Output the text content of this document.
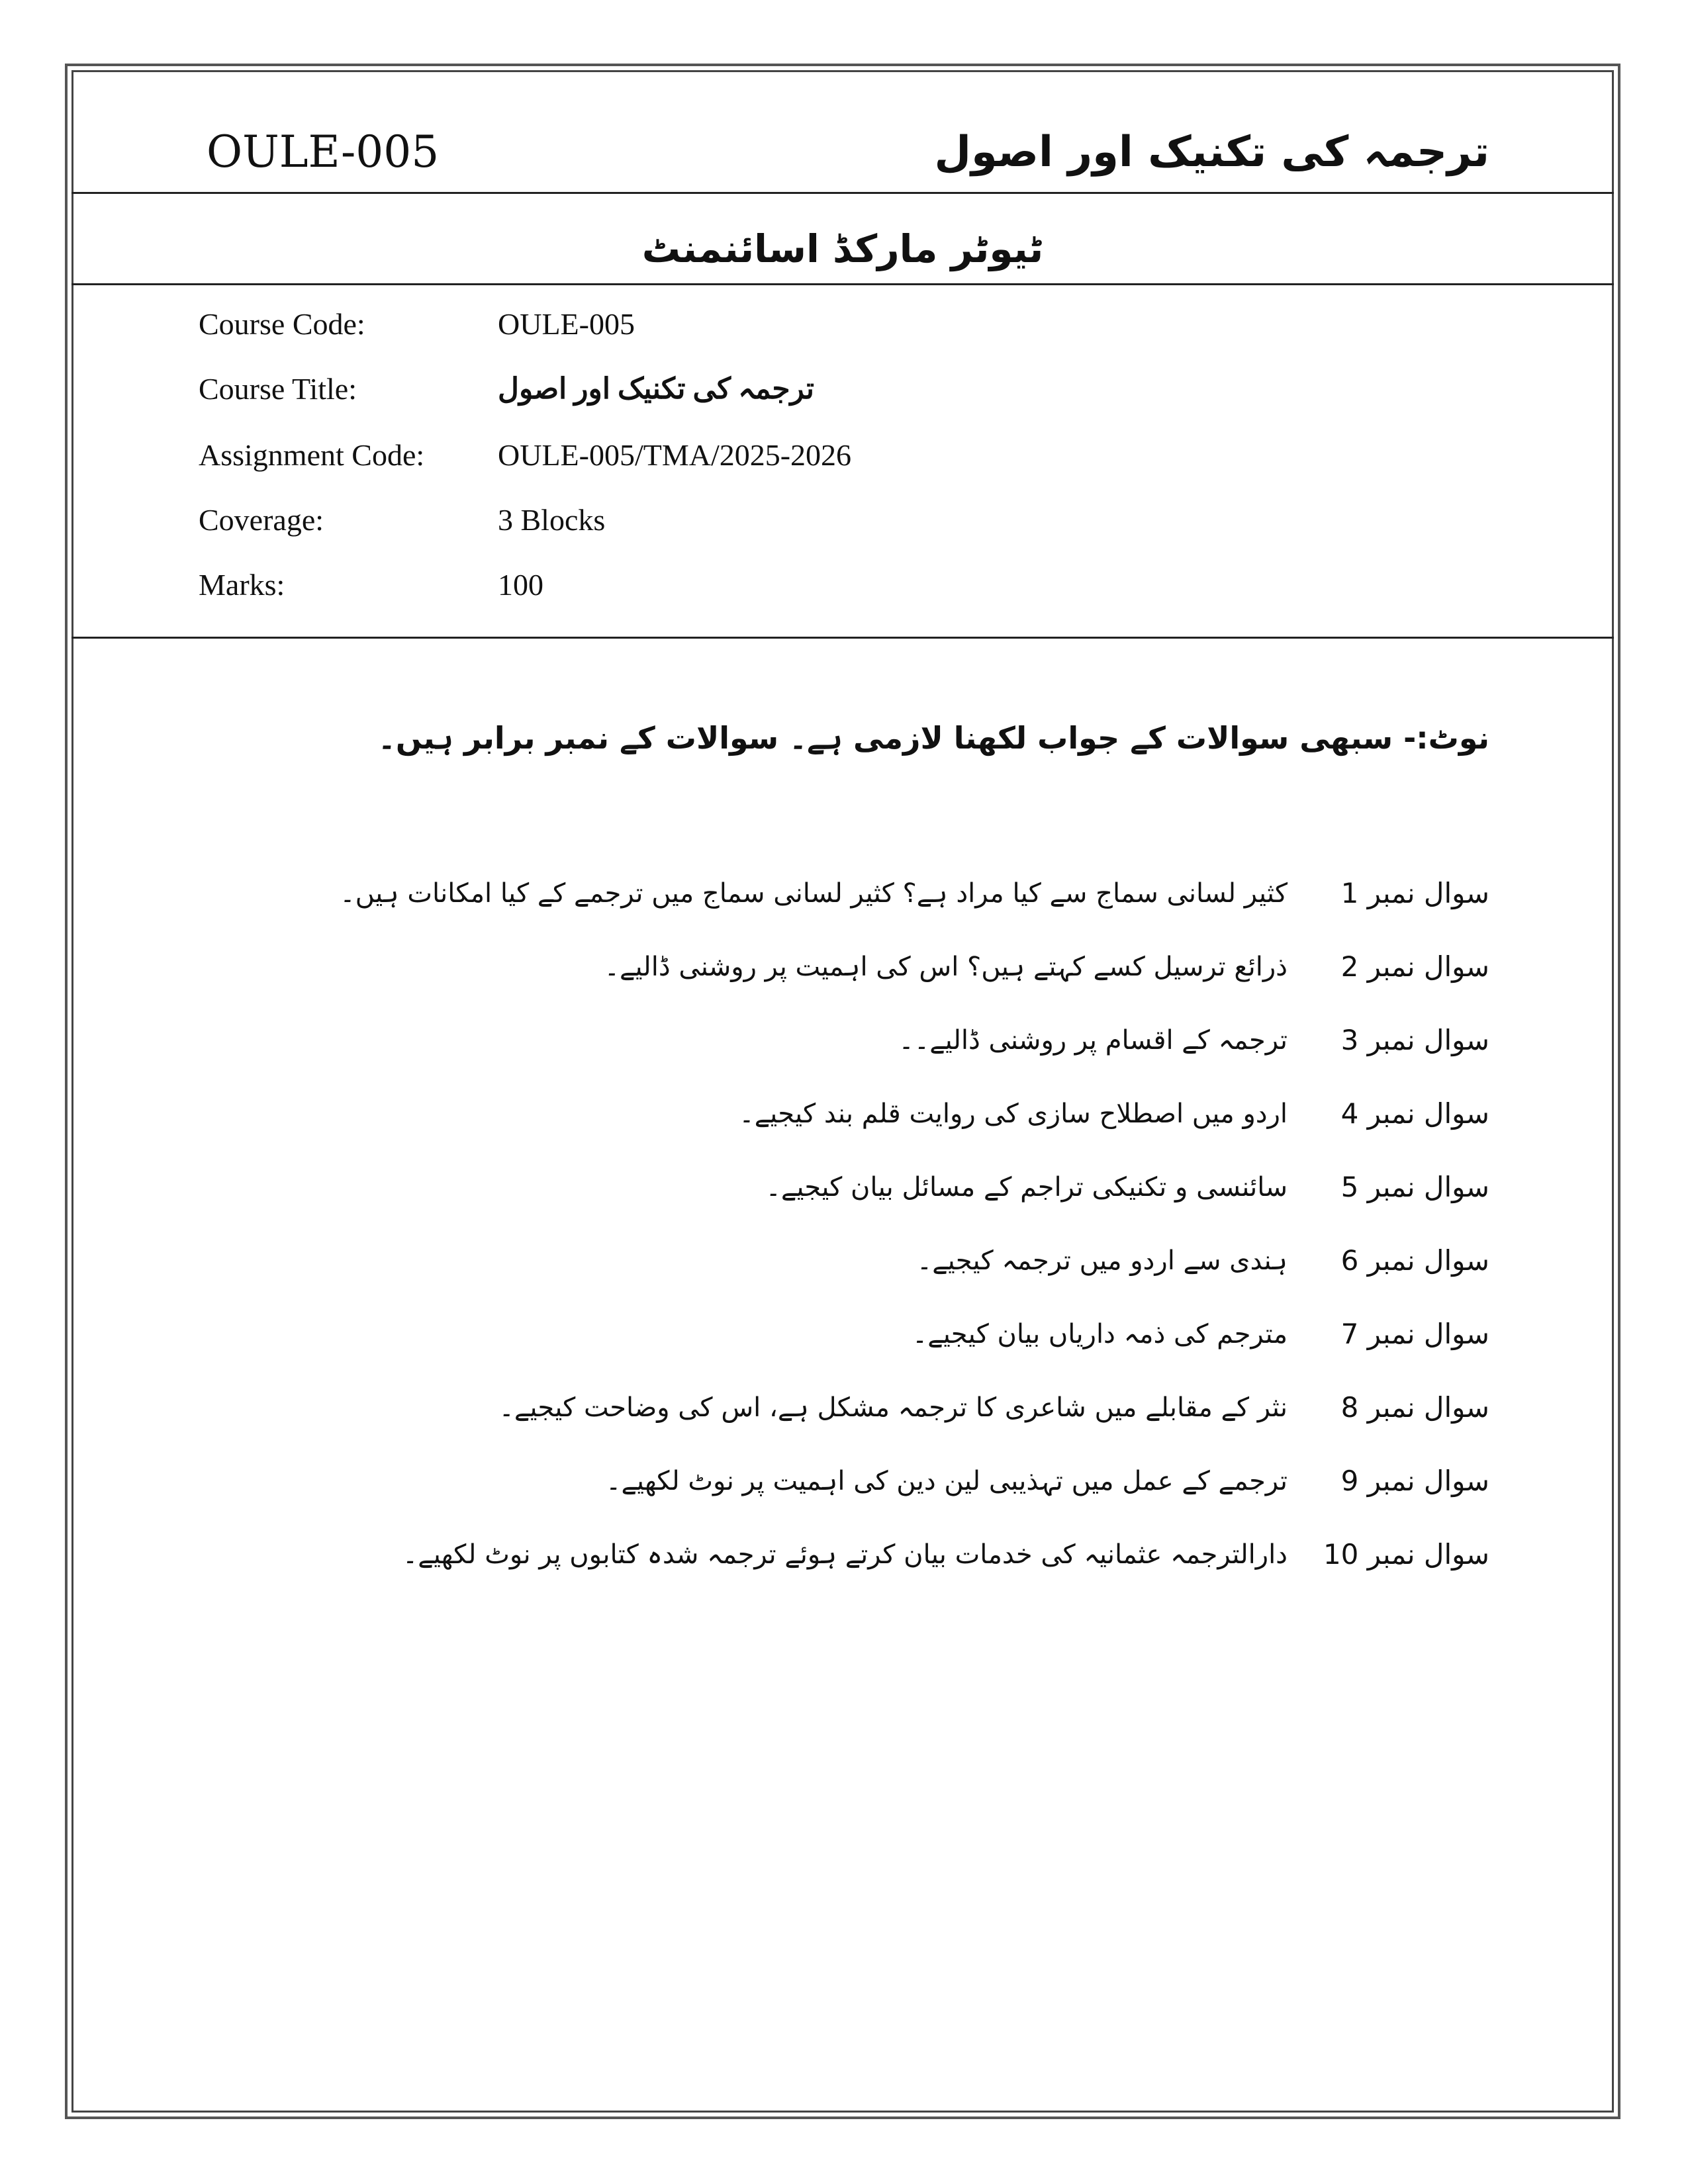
OULE-005	ترجمہ کی تکنیک اور اصول
ٹیوٹر مارکڈ اسائنمنٹ
Course Code:	OULE-005
Course Title:	ترجمہ کی تکنیک اور اصول
Assignment Code: OULE-005/TMA/2025-2026
Coverage:	3 Blocks
Marks:	100
نوٹ:- سبھی سوالات کے جواب لکھنا لازمی ہے۔ سوالات کے نمبر برابر ہیں۔
سوال نمبر 1
کثیر لسانی سماج سے کیا مراد ہے؟ کثیر لسانی سماج میں ترجمے کے کیا امکانات ہیں۔
سوال نمبر 2
ذرائع ترسیل کسے کہتے ہیں؟ اس کی اہمیت پر روشنی ڈالیے۔
سوال نمبر 3
ترجمہ کے اقسام پر روشنی ڈالیے۔۔
سوال نمبر 4
اردو میں اصطلاح سازی کی روایت قلم بند کیجیے۔
سوال نمبر 5
سائنسی و تکنیکی تراجم کے مسائل بیان کیجیے۔
سوال نمبر 6
ہندی سے اردو میں ترجمہ کیجیے۔
سوال نمبر 7
مترجم کی ذمہ داریاں بیان کیجیے۔
سوال نمبر 8
نثر کے مقابلے میں شاعری کا ترجمہ مشکل ہے، اس کی وضاحت کیجیے۔
سوال نمبر 9
ترجمے کے عمل میں تہذیبی لین دین کی اہمیت پر نوٹ لکھیے۔
سوال نمبر 10
دارالترجمہ عثمانیہ کی خدمات بیان کرتے ہوئے ترجمہ شدہ کتابوں پر نوٹ لکھیے۔
